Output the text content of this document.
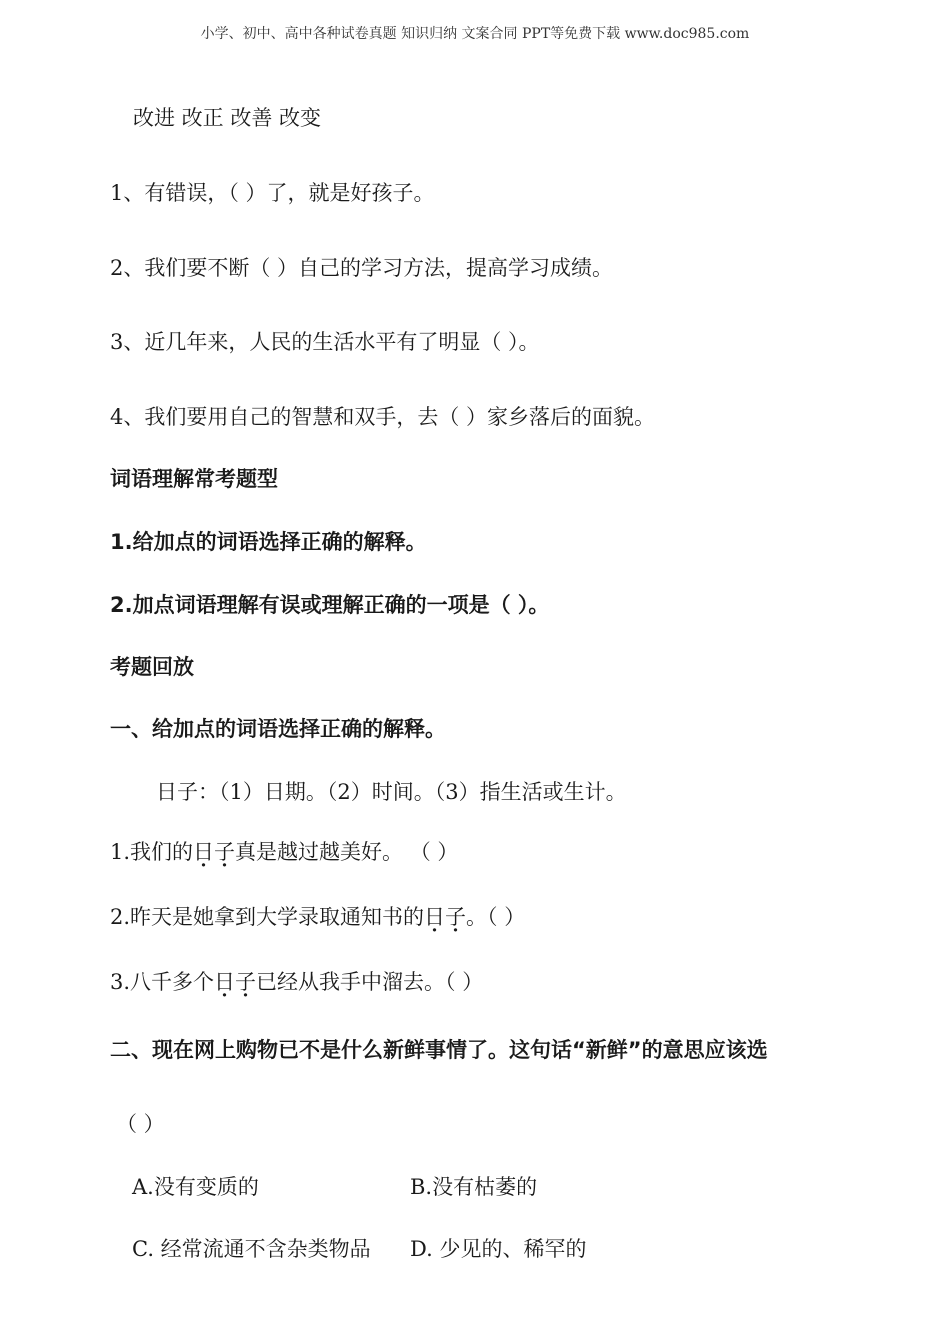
小学、初中、高中各种试卷真题 知识归纳 文案合同 PPT等免费下载 www.doc985.com
改进 改正 改善 改变
1、有错误，（ ）了，就是好孩子。
2、我们要不断（ ）自己的学习方法，提高学习成绩。
3、近几年来，人民的生活水平有了明显（ ）。
4、我们要用自己的智慧和双手，去（ ）家乡落后的面貌。
词语理解常考题型
1.给加点的词语选择正确的解释。
2.加点词语理解有误或理解正确的一项是（ ）。
考题回放
一、给加点的词语选择正确的解释。
日子：（1）日期。（2）时间。（3）指生活或生计。
1.我们的日子真是越过越美好。 （ ）
2.昨天是她拿到大学录取通知书的日子。（ ）
3.八千多个日子已经从我手中溜去。（ ）
二、现在网上购物已不是什么新鲜事情了。这句话“新鲜”的意思应该选
（ ）
A.没有变质的	B.没有枯萎的
C. 经常流通不含杂类物品 D. 少见的、稀罕的
